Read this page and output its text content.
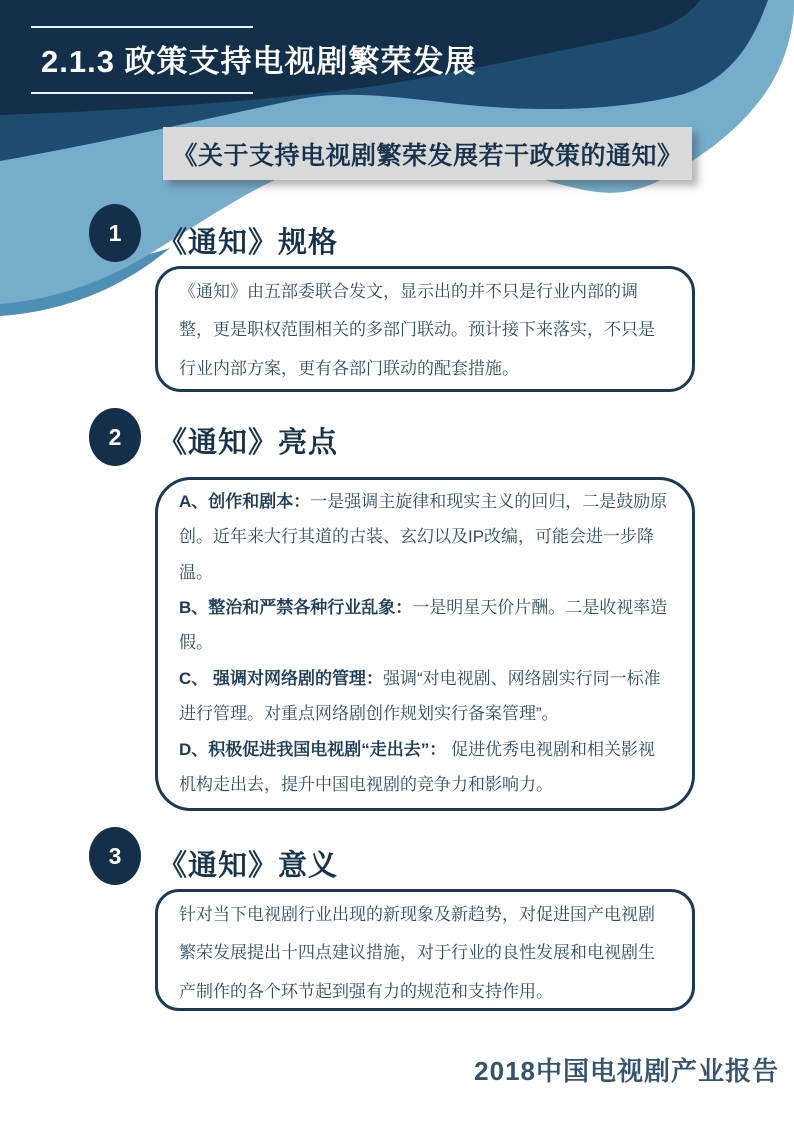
2.1.3 政策支持电视剧繁荣发展
《关于支持电视剧繁荣发展若干政策的通知》
1	《通知》规格

《通知》由五部委联合发文，显示出的并不只是行业内部的调整，更是职权范围相关的多部门联动。预计接下来落实，不只是行业内部方案，更有各部门联动的配套措施。

2	《通知》亮点

A、创作和剧本：一是强调主旋律和现实主义的回归，二是鼓励原创。近年来大行其道的古装、玄幻以及IP改编，可能会进一步降温。

B、整治和严禁各种行业乱象：一是明星天价片酬。二是收视率造假。

C、 强调对网络剧的管理：强调“对电视剧、网络剧实行同一标准进行管理。对重点网络剧创作规划实行备案管理”。

D、积极促进我国电视剧“走出去”： 促进优秀电视剧和相关影视机构走出去，提升中国电视剧的竞争力和影响力。

3	《通知》意义

针对当下电视剧行业出现的新现象及新趋势，对促进国产电视剧繁荣发展提出十四点建议措施，对于行业的良性发展和电视剧生产制作的各个环节起到强有力的规范和支持作用。

2018中国电视剧产业报告
